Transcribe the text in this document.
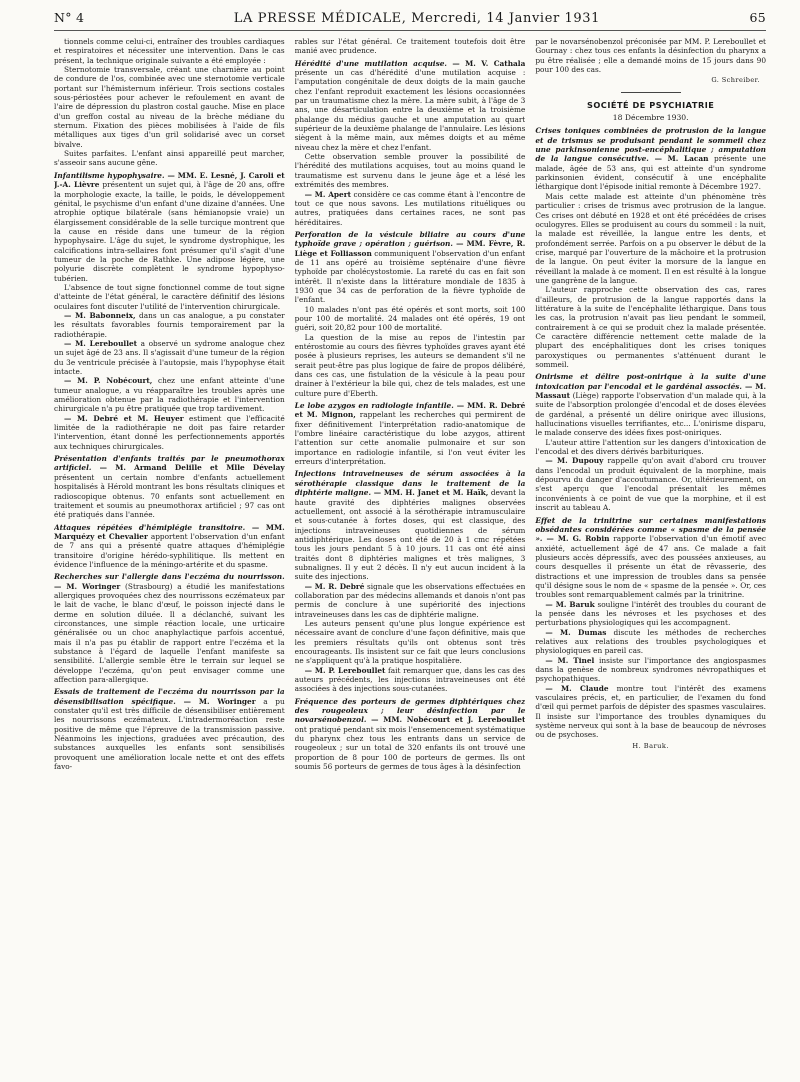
N° 4	LA PRESSE MÉDICALE, Mercredi, 14 Janvier 1931	65

tionnels comme celui-ci, entraîner des troubles cardiaques et respiratoires et nécessiter une intervention. Dans le cas présent, la technique originale suivante a été employée :

Sternotomie transversale, créant une charnière au point de condure de l'os, combinée avec une sternotomie verticale portant sur l'hémisternum inférieur. Trois sections costales sous-périostées pour achever le refoulement en avant de l'aire de dépression du plastron costal gauche. Mise en place d'un greffon costal au niveau de la brèche médiane du sternum. Fixation des pièces mobilisées à l'aide de fils métalliques aux tiges d'un gril solidarisé avec un corset bivalve.

Suites parfaites. L'enfant ainsi appareillé peut marcher, s'asseoir sans aucune gêne.

Infantilisme hypophysaire. — MM. E. Lesné, J. Caroli et J.-A. Lièvre présentent un sujet qui, à l'âge de 20 ans, offre la morphologie exacte, la taille, le poids, le développement génital, le psychisme d'un enfant d'une dizaine d'années. Une atrophie optique bilatérale (sans hémianopsie vraie) un élargissement considérable de la selle turcique montrent que la cause en réside dans une tumeur de la région hypophysaire. L'âge du sujet, le syndrome dystrophique, les calcifications intra-sellaires font présumer qu'il s'agit d'une tumeur de la poche de Rathke. Une adipose légère, une polyurie discrète complètent le syndrome hypophyso-tubérien.

L'absence de tout signe fonctionnel comme de tout signe d'atteinte de l'état général, le caractère définitif des lésions oculaires font discuter l'utilité de l'intervention chirurgicale.

— M. Babonneix, dans un cas analogue, a pu constater les résultats favorables fournis temporairement par la radiothérapie.

— M. Lereboullet a observé un sydrome analogue chez un sujet âgé de 23 ans. Il s'agissait d'une tumeur de la région du 3e ventricule précisée à l'autopsie, mais l'hypophyse était intacte.

— M. P. Nobécourt, chez une enfant atteinte d'une tumeur analogue, a vu réapparaître les troubles après une amélioration obtenue par la radiothérapie et l'intervention chirurgicale n'a pu être pratiquée que trop tardivement.

— M. Debré et M. Heuyer estiment que l'efficacité limitée de la radiothérapie ne doit pas faire retarder l'intervention, étant donné les perfectionnements apportés aux techniques chirurgicales.

Présentation d'enfants traités par le pneumothorax artificiel. — M. Armand Delille et Mlle Dévelay présentent un certain nombre d'enfants actuellement hospitalisés à Hérold montrant les bons résultats cliniques et radioscopique obtenus. 70 enfants sont actuellement en traitement et soumis au pneumothorax artificiel ; 97 cas ont été pratiqués dans l'année.

Attaques répétées d'hémiplégie transitoire. — MM. Marquézy et Chevalier apportent l'observation d'un enfant de 7 ans qui a présenté quatre attaques d'hémiplégie transitoire d'origine hérédo-syphilitique. Ils mettent en évidence l'influence de la méningo-artérite et du spasme.

Recherches sur l'allergie dans l'eczéma du nourrisson. — M. Woringer (Strasbourg) a étudié les manifestations allergiques provoquées chez des nourrissons eczémateux par le lait de vache, le blanc d'œuf, le poisson injecté dans le derme en solution diluée. Il a déclanché, suivant les circonstances, une simple réaction locale, une urticaire généralisée ou un choc anaphylactique parfois accentué, mais il n'a pas pu établir de rapport entre l'eczéma et la substance à l'égard de laquelle l'enfant manifeste sa sensibilité. L'allergie semble être le terrain sur lequel se développe l'eczéma, qu'on peut envisager comme une affection para-allergique.

Essais de traitement de l'eczéma du nourrisson par la désensibilisation spécifique. — M. Woringer a pu constater qu'il est très difficile de désensibiliser entièrement les nourrissons eczémateux. L'intradermoréaction reste positive de même que l'épreuve de la transmission passive. Néanmoins les injections, graduées avec précaution, des substances auxquelles les enfants sont sensibilisés provoquent une amélioration locale nette et ont des effets favo-

rables sur l'état général. Ce traitement toutefois doit être manié avec prudence.

Hérédité d'une mutilation acquise. — M. V. Cathala présente un cas d'hérédité d'une mutilation acquise : l'amputation congénitale de deux doigts de la main gauche chez l'enfant reproduit exactement les lésions occasionnées par un traumatisme chez la mère. La mère subit, à l'âge de 3 ans, une désarticulation entre la deuxième et la troisième phalange du médius gauche et une amputation au quart supérieur de la deuxième phalange de l'annulaire. Les lésions siègent à la même main, aux mêmes doigts et au même niveau chez la mère et chez l'enfant.

Cette observation semble prouver la possibilité de l'hérédité des mutilations acquises, tout au moins quand le traumatisme est survenu dans le jeune âge et a lésé les extrémités des membres.

— M. Apert considère ce cas comme étant à l'encontre de tout ce que nous savons. Les mutilations rituéliques ou autres, pratiquées dans certaines races, ne sont pas héréditaires.

Perforation de la vésicule biliaire au cours d'une typhoïde grave ; opération ; guérison. — MM. Fèvre, R. Liège et Folliasson communiquent l'observation d'un enfant de 11 ans opéré au troisième septénaire d'une fièvre typhoïde par cholécystostomie. La rareté du cas en fait son intérêt. Il n'existe dans la littérature mondiale de 1835 à 1930 que 34 cas de perforation de la fièvre typhoïde de l'enfant.

10 malades n'ont pas été opérés et sont morts, soit 100 pour 100 de mortalité. 24 malades ont été opérés, 19 ont guéri, soit 20,82 pour 100 de mortalité.

La question de la mise au repos de l'intestin par entérostomie au cours des fièvres typhoïdes graves ayant été posée à plusieurs reprises, les auteurs se demandent s'il ne serait peut-être pas plus logique de faire de propos délibéré, dans ces cas, une fistulation de la vésicule à la peau pour drainer à l'extérieur la bile qui, chez de tels malades, est une culture pure d'Eberth.

Le lobe azygos en radiologie infantile. — MM. R. Debré et M. Mignon, rappelant les recherches qui permirent de fixer définitivement l'interprétation radio-anatomique de l'ombre linéaire caractéristique du lobe azygos, attirent l'attention sur cette anomalie pulmonaire et sur son importance en radiologie infantile, si l'on veut éviter les erreurs d'interprétation.

Injections intraveineuses de sérum associées à la sérothérapie classique dans le traitement de la diphtérie maligne. — MM. H. Janet et M. Haïk, devant la haute gravité des diphtéries malignes observées actuellement, ont associé à la sérothérapie intramusculaire et sous-cutanée à fortes doses, qui est classique, des injections intraveineuses quotidiennes de sérum antidiphtérique. Les doses ont été de 20 à 1 cmc répétées tous les jours pendant 5 à 10 jours. 11 cas ont été ainsi traités dont 8 diphtéries malignes et très malignes, 3 subnalignes. Il y eut 2 décès. Il n'y eut aucun incident à la suite des injections.

— M. R. Debré signale que les observations effectuées en collaboration par des médecins allemands et danois n'ont pas permis de conclure à une supériorité des injections intraveineuses dans les cas de diphtérie maligne.

Les auteurs pensent qu'une plus longue expérience est nécessaire avant de conclure d'une façon définitive, mais que les premiers résultats qu'ils ont obtenus sont très encourageants. Ils insistent sur ce fait que leurs conclusions ne s'appliquent qu'à la pratique hospitalière.

— M. P. Lereboullet fait remarquer que, dans les cas des auteurs précédents, les injections intraveineuses ont été associées à des injections sous-cutanées.

Fréquence des porteurs de germes diphtériques chez des rougeoleux ; leur désinfection par le novarsénobenzol. — MM. Nobécourt et J. Lereboullet ont pratiqué pendant six mois l'ensemencement systématique du pharynx chez tous les entrants dans un service de rougeoleux ; sur un total de 320 enfants ils ont trouvé une proportion de 8 pour 100 de porteurs de germes. Ils ont soumis 56 porteurs de germes de tous âges à la désinfection

par le novarsénobenzol préconisée par MM. P. Lereboullet et Gournay : chez tous ces enfants la désinfection du pharynx a pu être réalisée ; elle a demandé moins de 15 jours dans 90 pour 100 des cas.

G. Schreiber.
SOCIÉTÉ DE PSYCHIATRIE
18 Décembre 1930.

Crises toniques combinées de protrusion de la langue et de trismus se produisant pendant le sommeil chez une parkinsonienne post-encéphalitique ; amputation de la langue consécutive. — M. Lacan présente une malade, âgée de 53 ans, qui est atteinte d'un syndrome parkinsonien évident, consécutif à une encéphalite léthargique dont l'épisode initial remonte à Décembre 1927.

Mais cette malade est atteinte d'un phénomène très particulier : crises de trismus avec protrusion de la langue. Ces crises ont débuté en 1928 et ont été précédées de crises oculogyres. Elles se produisent au cours du sommeil : la nuit, la malade est réveillée, la langue entre les dents, et profondément serrée. Parfois on a pu observer le début de la crise, marqué par l'ouverture de la mâchoire et la protrusion de la langue. On peut éviter la morsure de la langue en réveillant la malade à ce moment. Il en est résulté à la longue une gangrène de la langue.

L'auteur rapproche cette observation des cas, rares d'ailleurs, de protrusion de la langue rapportés dans la littérature à la suite de l'encéphalite léthargique. Dans tous les cas, la protrusion n'avait pas lieu pendant le sommeil, contrairement à ce qui se produit chez la malade présentée. Ce caractère différencie nettement cette malade de la plupart des encéphalitiques dont les crises toniques paroxystiques ou permanentes s'atténuent durant le sommeil.

Onirisme et délire post-onirique à la suite d'une intoxication par l'encodal et le gardénal associés. — M. Massaut (Liège) rapporte l'observation d'un malade qui, à la suite de l'absorption prolongée d'encodal et de doses élevées de gardénal, a présenté un délire onirique avec illusions, hallucinations visuelles terrifiantes, etc... L'onirisme disparu, le malade conserve des idées fixes post-oniriques.

L'auteur attire l'attention sur les dangers d'intoxication de l'encodal et des divers dérivés barbituriques.

— M. Dupouy rappelle qu'on avait d'abord cru trouver dans l'encodal un produit équivalent de la morphine, mais dépourvu du danger d'accoutumance. Or, ultérieurement, on s'est aperçu que l'encodal présentait les mêmes inconvénients à ce point de vue que la morphine, et il est inscrit au tableau A.

Effet de la trinitrine sur certaines manifestations obsédantes considérées comme « spasme de la pensée ». — M. G. Robin rapporte l'observation d'un émotif avec anxiété, actuellement âgé de 47 ans. Ce malade a fait plusieurs accès dépressifs, avec des poussées anxieuses, au cours desquelles il présente un état de rêvasserie, des distractions et une impression de troubles dans sa pensée qu'il désigne sous le nom de « spasme de la pensée ». Or, ces troubles sont remarquablement calmés par la trinitrine.

— M. Baruk souligne l'intérêt des troubles du courant de la pensée dans les névroses et les psychoses et des perturbations physiologiques qui les accompagnent.

— M. Dumas discute les méthodes de recherches relatives aux relations des troubles psychologiques et physiologiques en pareil cas.

— M. Tinel insiste sur l'importance des angiospasmes dans la genèse de nombreux syndromes névropathiques et psychopathiques.

— M. Claude montre tout l'intérêt des examens vasculaires précis, et, en particulier, de l'examen du fond d'œil qui permet parfois de dépister des spasmes vasculaires. Il insiste sur l'importance des troubles dynamiques du système nerveux qui sont à la base de beaucoup de névroses ou de psychoses.

H. Baruk.
